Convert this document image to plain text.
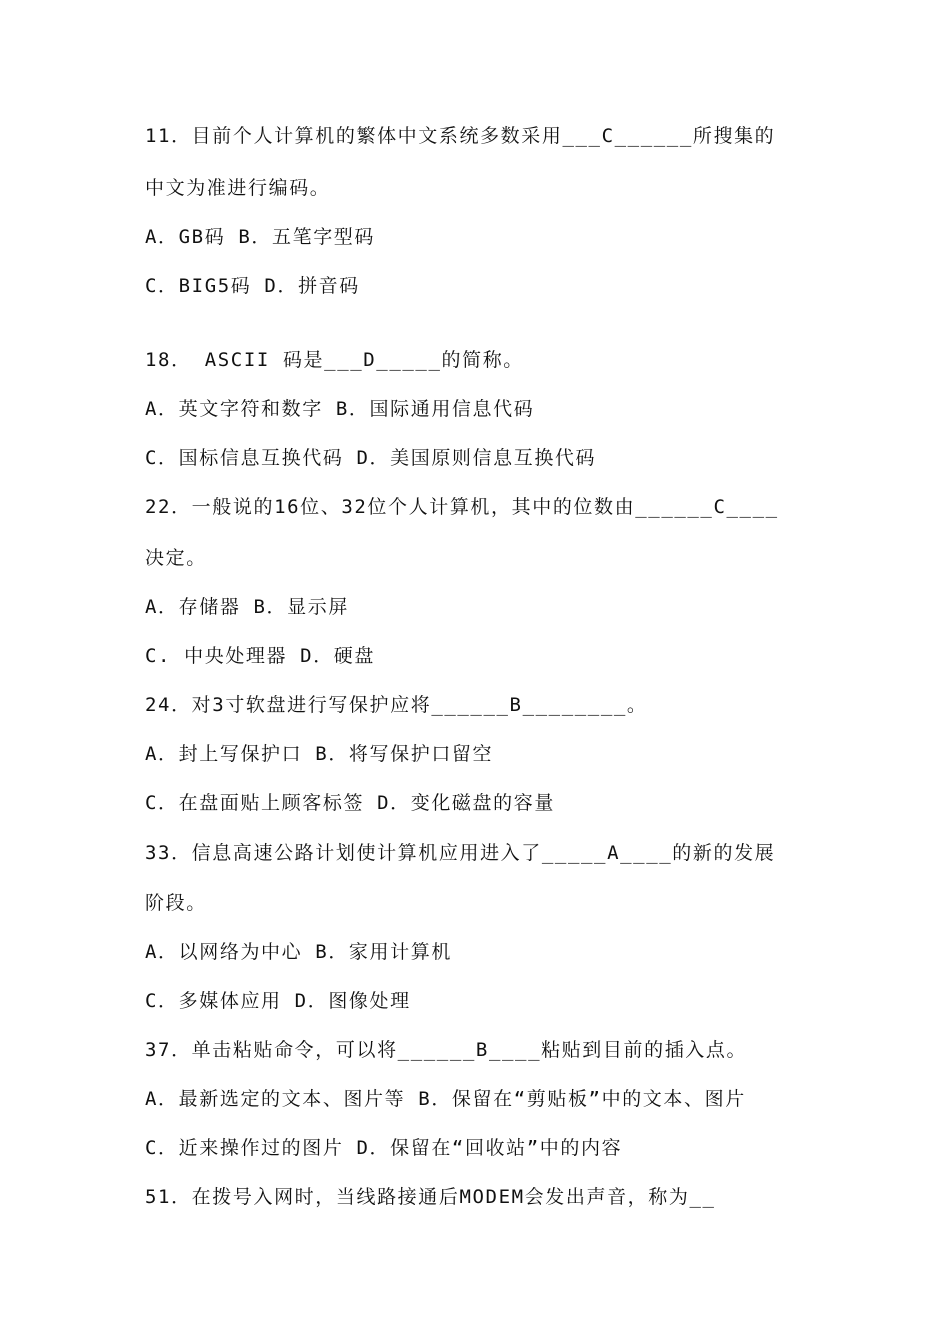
11．目前个人计算机的繁体中文系统多数采用___C______所搜集的
中文为准进行编码。
A．GB码 B．五笔字型码
C．BIG5码 D．拼音码
18． ASCII 码是___D_____的简称。
A．英文字符和数字 B．国际通用信息代码
C．国标信息互换代码 D．美国原则信息互换代码
22．一般说的16位、32位个人计算机，其中的位数由______C____
决定。
A．存储器 B．显示屏
C. 中央处理器 D．硬盘
24．对3寸软盘进行写保护应将______B________。
A．封上写保护口 B．将写保护口留空
C．在盘面贴上顾客标签 D．变化磁盘的容量
33．信息高速公路计划使计算机应用进入了_____A____的新的发展
阶段。
A．以网络为中心 B．家用计算机
C．多媒体应用 D．图像处理
37．单击粘贴命令，可以将______B____粘贴到目前的插入点。
A．最新选定的文本、图片等 B．保留在“剪贴板”中的文本、图片
C．近来操作过的图片 D．保留在“回收站”中的内容
51．在拨号入网时，当线路接通后MODEM会发出声音，称为__
